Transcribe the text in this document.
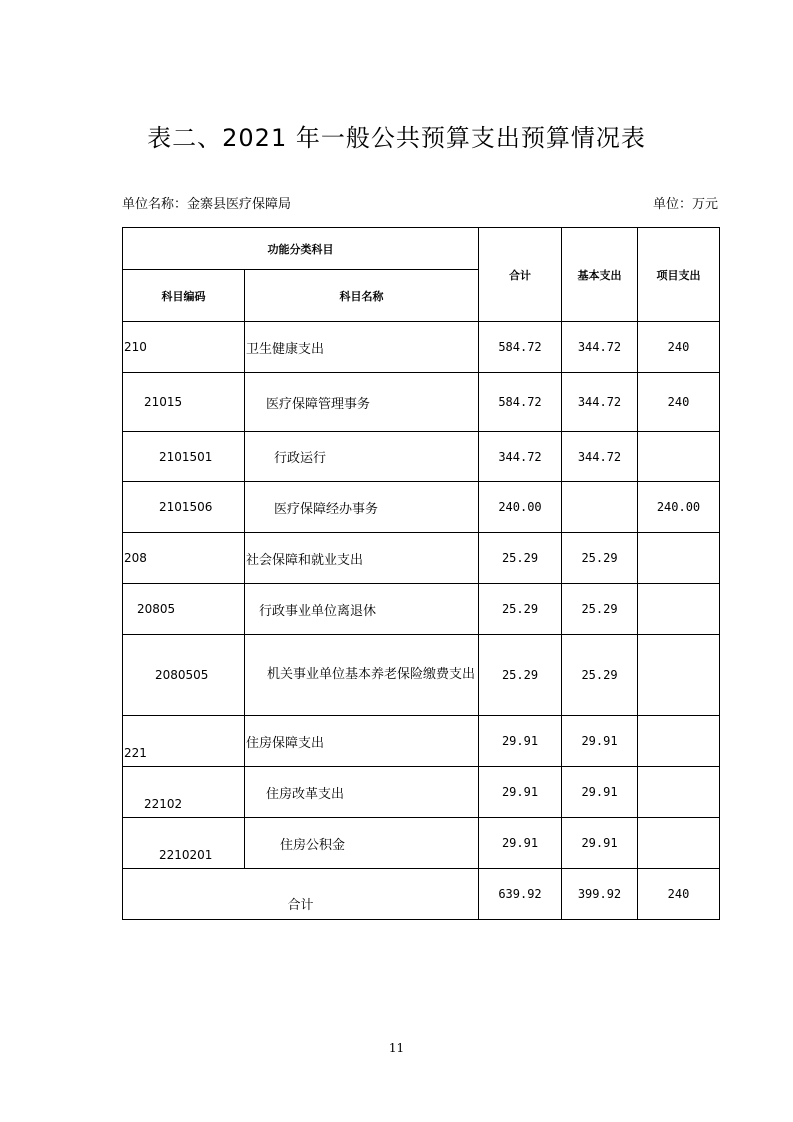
表二、2021 年一般公共预算支出预算情况表
单位名称：金寨县医疗保障局	单位：万元
功能分类科目		合计	基本支出	项目支出
科目编码	科目名称			
210	卫生健康支出	584.72	344.72	240
21015	医疗保障管理事务	584.72	344.72	240
2101501	行政运行	344.72	344.72	
2101506	医疗保障经办事务	240.00		240.00
208	社会保障和就业支出	25.29	25.29	
20805	行政事业单位离退休	25.29	25.29	
2080505	机关事业单位基本养老保险缴费支出	25.29	25.29	
221	住房保障支出	29.91	29.91	
22102	住房改革支出	29.91	29.91	
2210201	住房公积金	29.91	29.91	
合计		639.92	399.92	240
11
